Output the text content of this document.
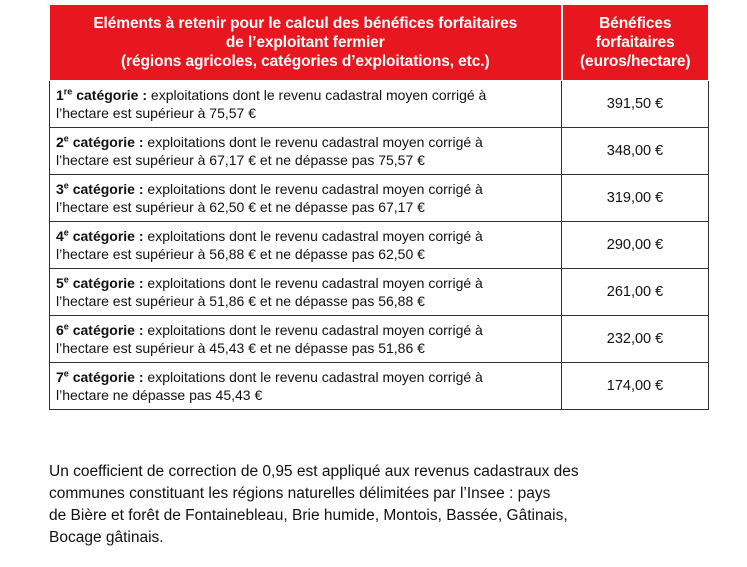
Eléments à retenir pour le calcul des bénéfices forfaitaires
de l’exploitant fermier
(régions agricoles, catégories d’exploitations, etc.)	Bénéfices
forfaitaires
(euros/hectare)
1re catégorie : exploitations dont le revenu cadastral moyen corrigé à
l’hectare est supérieur à 75,57 €	391,50 €
2e catégorie : exploitations dont le revenu cadastral moyen corrigé à
l’hectare est supérieur à 67,17 € et ne dépasse pas 75,57 €	348,00 €
3e catégorie : exploitations dont le revenu cadastral moyen corrigé à
l’hectare est supérieur à 62,50 € et ne dépasse pas 67,17 €	319,00 €
4e catégorie : exploitations dont le revenu cadastral moyen corrigé à
l’hectare est supérieur à 56,88 € et ne dépasse pas 62,50 €	290,00 €
5e catégorie : exploitations dont le revenu cadastral moyen corrigé à
l’hectare est supérieur à 51,86 € et ne dépasse pas 56,88 €	261,00 €
6e catégorie : exploitations dont le revenu cadastral moyen corrigé à
l’hectare est supérieur à 45,43 € et ne dépasse pas 51,86 €	232,00 €
7e catégorie : exploitations dont le revenu cadastral moyen corrigé à
l’hectare ne dépasse pas 45,43 €	174,00 €

Un coefficient de correction de 0,95 est appliqué aux revenus cadastraux des
communes constituant les régions naturelles délimitées par l’Insee : pays
de Bière et forêt de Fontainebleau, Brie humide, Montois, Bassée, Gâtinais,
Bocage gâtinais.
